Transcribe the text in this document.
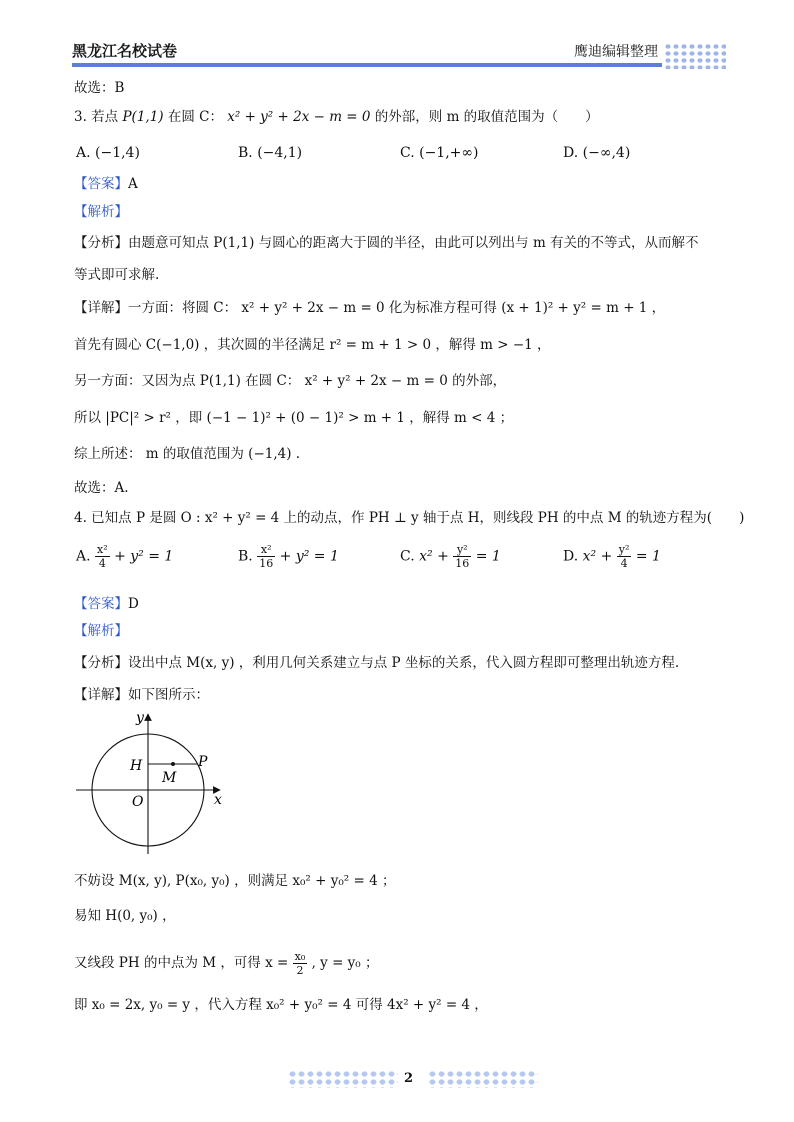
黑龙江名校试卷	鹰迪编辑整理
故选：B
3. 若点 P(1,1) 在圆 C： x² + y² + 2x − m = 0 的外部，则 m 的取值范围为（　　）
A. (−1,4)	B. (−4,1)	C. (−1,+∞)	D. (−∞,4)
【答案】A
【解析】
【分析】由题意可知点 P(1,1) 与圆心的距离大于圆的半径，由此可以列出与 m 有关的不等式，从而解不
等式即可求解.
【详解】一方面：将圆 C： x² + y² + 2x − m = 0 化为标准方程可得 (x + 1)² + y² = m + 1 ，
首先有圆心 C(−1,0) ，其次圆的半径满足 r² = m + 1 > 0 ，解得 m > −1 ，
另一方面：又因为点 P(1,1) 在圆 C： x² + y² + 2x − m = 0 的外部，
所以 |PC|² > r² ，即 (−1 − 1)² + (0 − 1)² > m + 1 ，解得 m < 4 ；
综上所述： m 的取值范围为 (−1,4) .
故选：A.
4. 已知点 P 是圆 O : x² + y² = 4 上的动点，作 PH ⊥ y 轴于点 H，则线段 PH 的中点 M 的轨迹方程为(　　)
A. $\frac{\text{x²}}{4} + y^2 = 1$	B. $\frac{\text{x²}}{16} + y^2 = 1$	C. $x^2 + \frac{\text{y²}}{16} = 1$	D. $x^2 + \frac{\text{y²}}{4} = 1$
【答案】D
【解析】
【分析】设出中点 M(x, y) ，利用几何关系建立与点 P 坐标的关系，代入圆方程即可整理出轨迹方程.
【详解】如下图所示：
y
x
H
M
P
O
不妨设 M(x, y), P(x₀, y₀) ，则满足 x₀² + y₀² = 4 ；
易知 H(0, y₀) ，
又线段 PH 的中点为 M ，可得 $x = \frac{\text{x₀}}{2}$ , y = y₀ ；
即 x₀ = 2x, y₀ = y ，代入方程 x₀² + y₀² = 4 可得 4x² + y² = 4 ，
2
